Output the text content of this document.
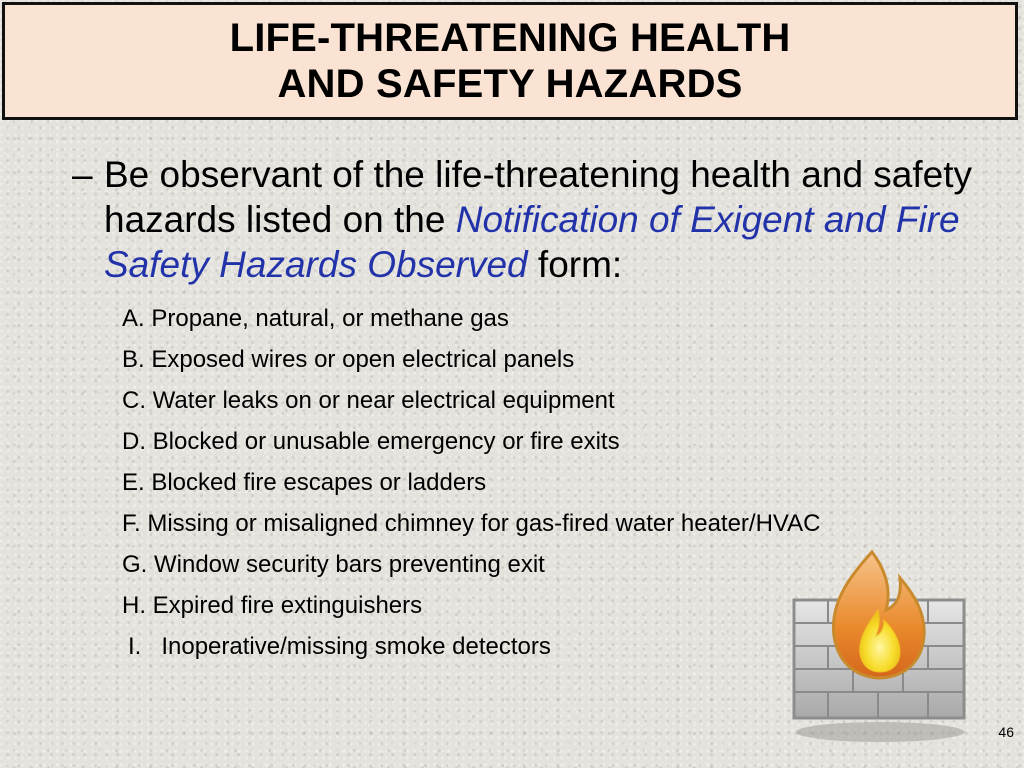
LIFE-THREATENING HEALTH
AND SAFETY HAZARDS
– Be observant of the life-threatening health and safety hazards listed on the Notification of Exigent and Fire Safety Hazards Observed form:
A. Propane, natural, or methane gas
B. Exposed wires or open electrical panels
C. Water leaks on or near electrical equipment
D. Blocked or unusable emergency or fire exits
E. Blocked fire escapes or ladders
F. Missing or misaligned chimney for gas-fired water heater/HVAC
G. Window security bars preventing exit
H. Expired fire extinguishers
I. Inoperative/missing smoke detectors
46
